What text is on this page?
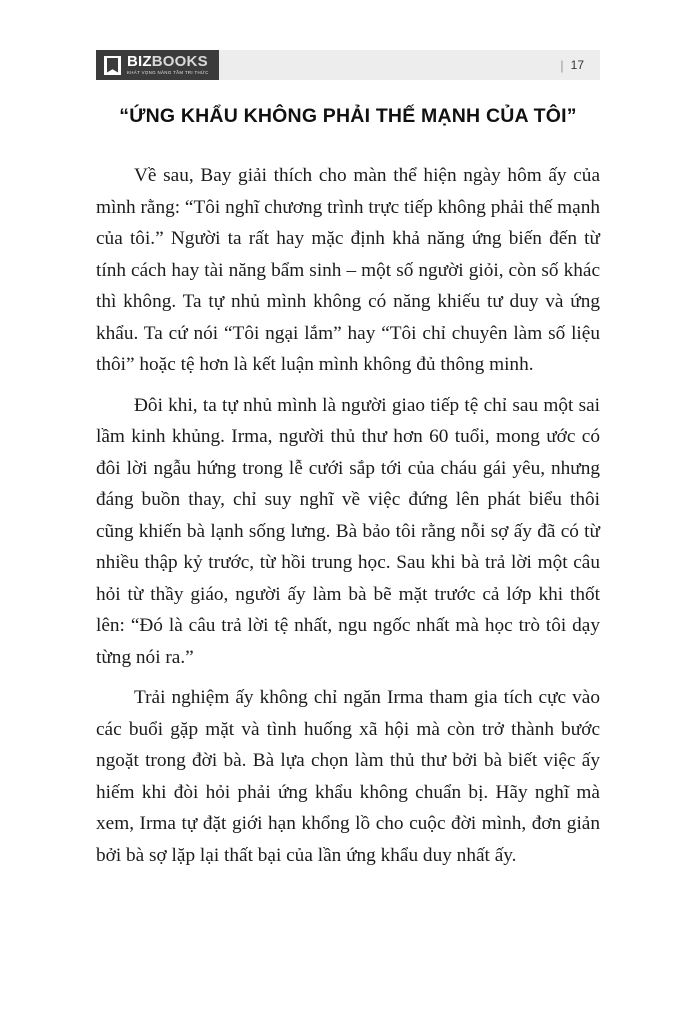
BIZBOOKS
KHÁT VỌNG NÂNG TẦM TRI THỨC
| 17
“ỨNG KHẨU KHÔNG PHẢI THẾ MẠNH CỦA TÔI”

Về sau, Bay giải thích cho màn thể hiện ngày hôm ấy của mình rằng: “Tôi nghĩ chương trình trực tiếp không phải thế mạnh của tôi.” Người ta rất hay mặc định khả năng ứng biến đến từ tính cách hay tài năng bẩm sinh – một số người giỏi, còn số khác thì không. Ta tự nhủ mình không có năng khiếu tư duy và ứng khẩu. Ta cứ nói “Tôi ngại lắm” hay “Tôi chỉ chuyên làm số liệu thôi” hoặc tệ hơn là kết luận mình không đủ thông minh.

Đôi khi, ta tự nhủ mình là người giao tiếp tệ chỉ sau một sai lầm kinh khủng. Irma, người thủ thư hơn 60 tuổi, mong ước có đôi lời ngẫu hứng trong lễ cưới sắp tới của cháu gái yêu, nhưng đáng buồn thay, chỉ suy nghĩ về việc đứng lên phát biểu thôi cũng khiến bà lạnh sống lưng. Bà bảo tôi rằng nỗi sợ ấy đã có từ nhiều thập kỷ trước, từ hồi trung học. Sau khi bà trả lời một câu hỏi từ thầy giáo, người ấy làm bà bẽ mặt trước cả lớp khi thốt lên: “Đó là câu trả lời tệ nhất, ngu ngốc nhất mà học trò tôi dạy từng nói ra.”

Trải nghiệm ấy không chỉ ngăn Irma tham gia tích cực vào các buổi gặp mặt và tình huống xã hội mà còn trở thành bước ngoặt trong đời bà. Bà lựa chọn làm thủ thư bởi bà biết việc ấy hiếm khi đòi hỏi phải ứng khẩu không chuẩn bị. Hãy nghĩ mà xem, Irma tự đặt giới hạn khổng lồ cho cuộc đời mình, đơn giản bởi bà sợ lặp lại thất bại của lần ứng khẩu duy nhất ấy.
